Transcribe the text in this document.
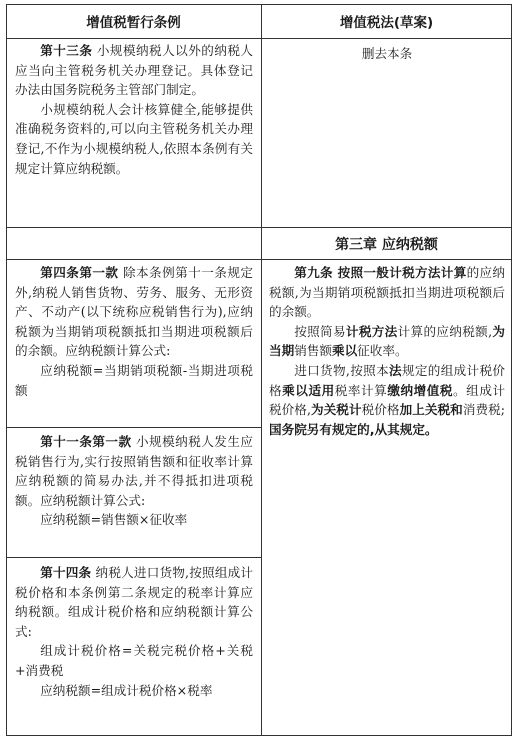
增值税暂行条例	增值税法(草案)

第十三条 小规模纳税人以外的纳税人应当向主管税务机关办理登记。具体登记办法由国务院税务主管部门制定。

小规模纳税人会计核算健全,能够提供准确税务资料的,可以向主管税务机关办理登记,不作为小规模纳税人,依照本条例有关规定计算应纳税额。

删去本条
第三章 应纳税额

第四条第一款 除本条例第十一条规定外,纳税人销售货物、劳务、服务、无形资产、不动产(以下统称应税销售行为),应纳税额为当期销项税额抵扣当期进项税额后的余额。应纳税额计算公式:

应纳税额=当期销项税额-当期进项税额

第十一条第一款 小规模纳税人发生应税销售行为,实行按照销售额和征收率计算应纳税额的简易办法,并不得抵扣进项税额。应纳税额计算公式:

应纳税额=销售额×征收率

第十四条 纳税人进口货物,按照组成计税价格和本条例第二条规定的税率计算应纳税额。组成计税价格和应纳税额计算公式:

组成计税价格=关税完税价格+关税+消费税

应纳税额=组成计税价格×税率

第九条 按照一般计税方法计算的应纳税额,为当期销项税额抵扣当期进项税额后的余额。

按照简易计税方法计算的应纳税额,为当期销售额乘以征收率。

进口货物,按照本法规定的组成计税价格乘以适用税率计算缴纳增值税。组成计税价格,为关税计税价格加上关税和消费税;国务院另有规定的,从其规定。
